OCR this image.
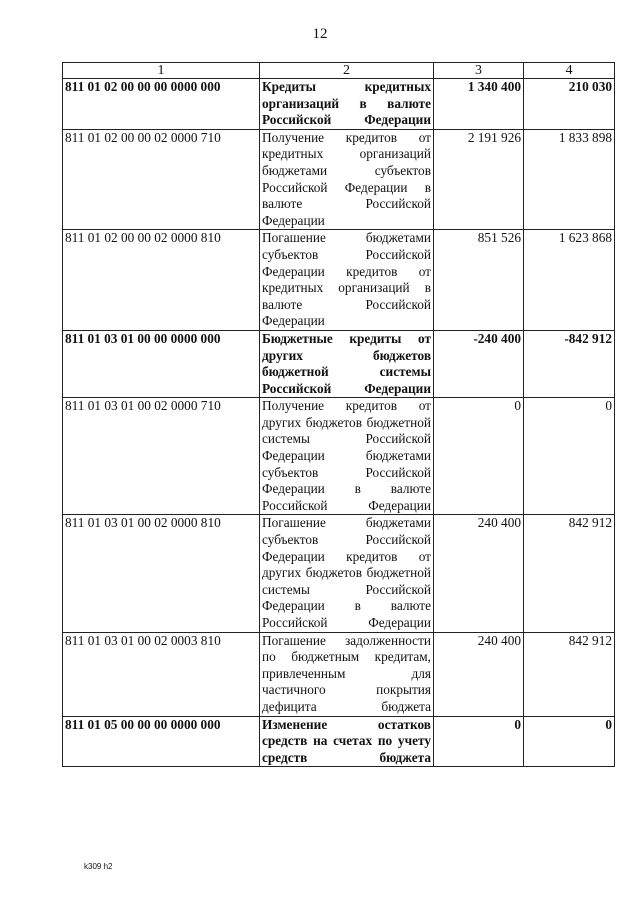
12
1	2	3	4
811 01 02 00 00 00 0000 000	Кредиты кредитных организаций в валюте Российской Федерации	1 340 400	210 030
811 01 02 00 00 02 0000 710	Получение кредитов от кредитных организаций бюджетами субъектов Российской Федерации в валюте Российской Федерации	2 191 926	1 833 898
811 01 02 00 00 02 0000 810	Погашение бюджетами субъектов Российской Федерации кредитов от кредитных организаций в валюте Российской Федерации	851 526	1 623 868
811 01 03 01 00 00 0000 000	Бюджетные кредиты от других бюджетов бюджетной системы Российской Федерации	-240 400	-842 912
811 01 03 01 00 02 0000 710	Получение кредитов от других бюджетов бюджетной системы Российской Федерации бюджетами субъектов Российской Федерации в валюте Российской Федерации	0	0
811 01 03 01 00 02 0000 810	Погашение бюджетами субъектов Российской Федерации кредитов от других бюджетов бюджетной системы Российской Федерации в валюте Российской Федерации	240 400	842 912
811 01 03 01 00 02 0003 810	Погашение задолженности по бюджетным кредитам, привлеченным для частичного покрытия дефицита бюджета	240 400	842 912
811 01 05 00 00 00 0000 000	Изменение остатков средств на счетах по учету средств бюджета	0	0
k309 h2
